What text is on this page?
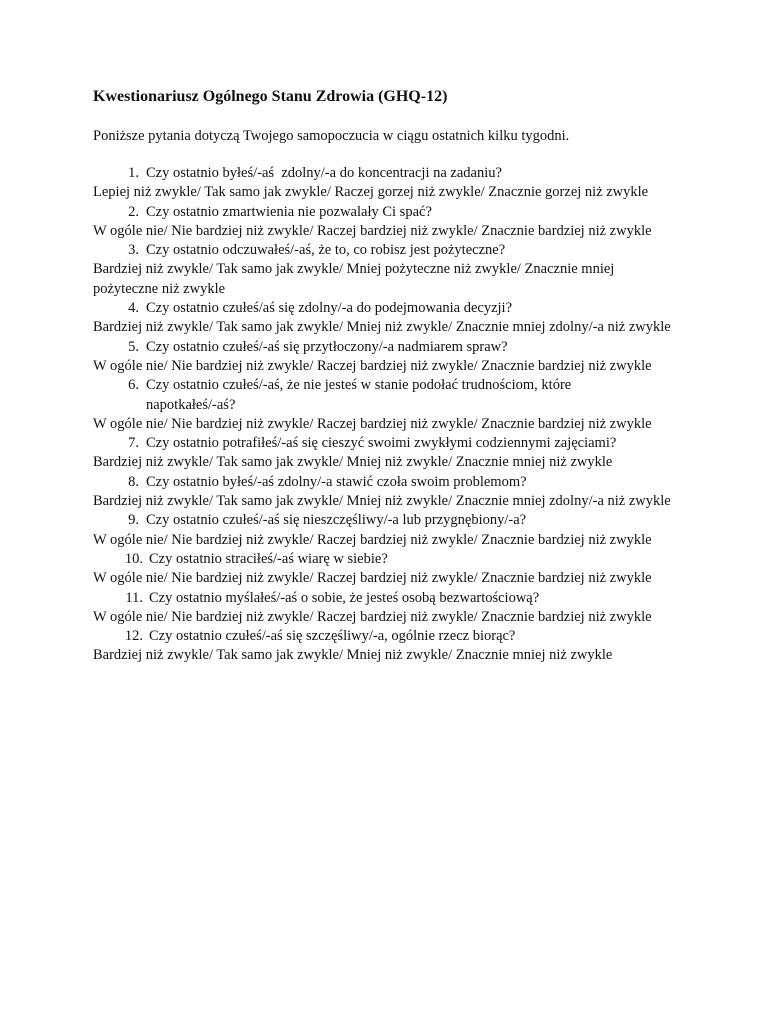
Kwestionariusz Ogólnego Stanu Zdrowia (GHQ-12)
Poniższe pytania dotyczą Twojego samopoczucia w ciągu ostatnich kilku tygodni.
1. Czy ostatnio byłeś/-aś  zdolny/-a do koncentracji na zadaniu?
Lepiej niż zwykle/ Tak samo jak zwykle/ Raczej gorzej niż zwykle/ Znacznie gorzej niż zwykle
2. Czy ostatnio zmartwienia nie pozwalały Ci spać?
W ogóle nie/ Nie bardziej niż zwykle/ Raczej bardziej niż zwykle/ Znacznie bardziej niż zwykle
3. Czy ostatnio odczuwałeś/-aś, że to, co robisz jest pożyteczne?
Bardziej niż zwykle/ Tak samo jak zwykle/ Mniej pożyteczne niż zwykle/ Znacznie mniej pożyteczne niż zwykle
4. Czy ostatnio czułeś/aś się zdolny/-a do podejmowania decyzji?
Bardziej niż zwykle/ Tak samo jak zwykle/ Mniej niż zwykle/ Znacznie mniej zdolny/-a niż zwykle
5. Czy ostatnio czułeś/-aś się przytłoczony/-a nadmiarem spraw?
W ogóle nie/ Nie bardziej niż zwykle/ Raczej bardziej niż zwykle/ Znacznie bardziej niż zwykle
6. Czy ostatnio czułeś/-aś, że nie jesteś w stanie podołać trudnościom, które napotkałeś/-aś?
W ogóle nie/ Nie bardziej niż zwykle/ Raczej bardziej niż zwykle/ Znacznie bardziej niż zwykle
7. Czy ostatnio potrafiłeś/-aś się cieszyć swoimi zwykłymi codziennymi zajęciami?
Bardziej niż zwykle/ Tak samo jak zwykle/ Mniej niż zwykle/ Znacznie mniej niż zwykle
8. Czy ostatnio byłeś/-aś zdolny/-a stawić czoła swoim problemom?
Bardziej niż zwykle/ Tak samo jak zwykle/ Mniej niż zwykle/ Znacznie mniej zdolny/-a niż zwykle
9. Czy ostatnio czułeś/-aś się nieszczęśliwy/-a lub przygnębiony/-a?
W ogóle nie/ Nie bardziej niż zwykle/ Raczej bardziej niż zwykle/ Znacznie bardziej niż zwykle
10. Czy ostatnio straciłeś/-aś wiarę w siebie?
W ogóle nie/ Nie bardziej niż zwykle/ Raczej bardziej niż zwykle/ Znacznie bardziej niż zwykle
11. Czy ostatnio myślałeś/-aś o sobie, że jesteś osobą bezwartościową?
W ogóle nie/ Nie bardziej niż zwykle/ Raczej bardziej niż zwykle/ Znacznie bardziej niż zwykle
12. Czy ostatnio czułeś/-aś się szczęśliwy/-a, ogólnie rzecz biorąc?
Bardziej niż zwykle/ Tak samo jak zwykle/ Mniej niż zwykle/ Znacznie mniej niż zwykle
